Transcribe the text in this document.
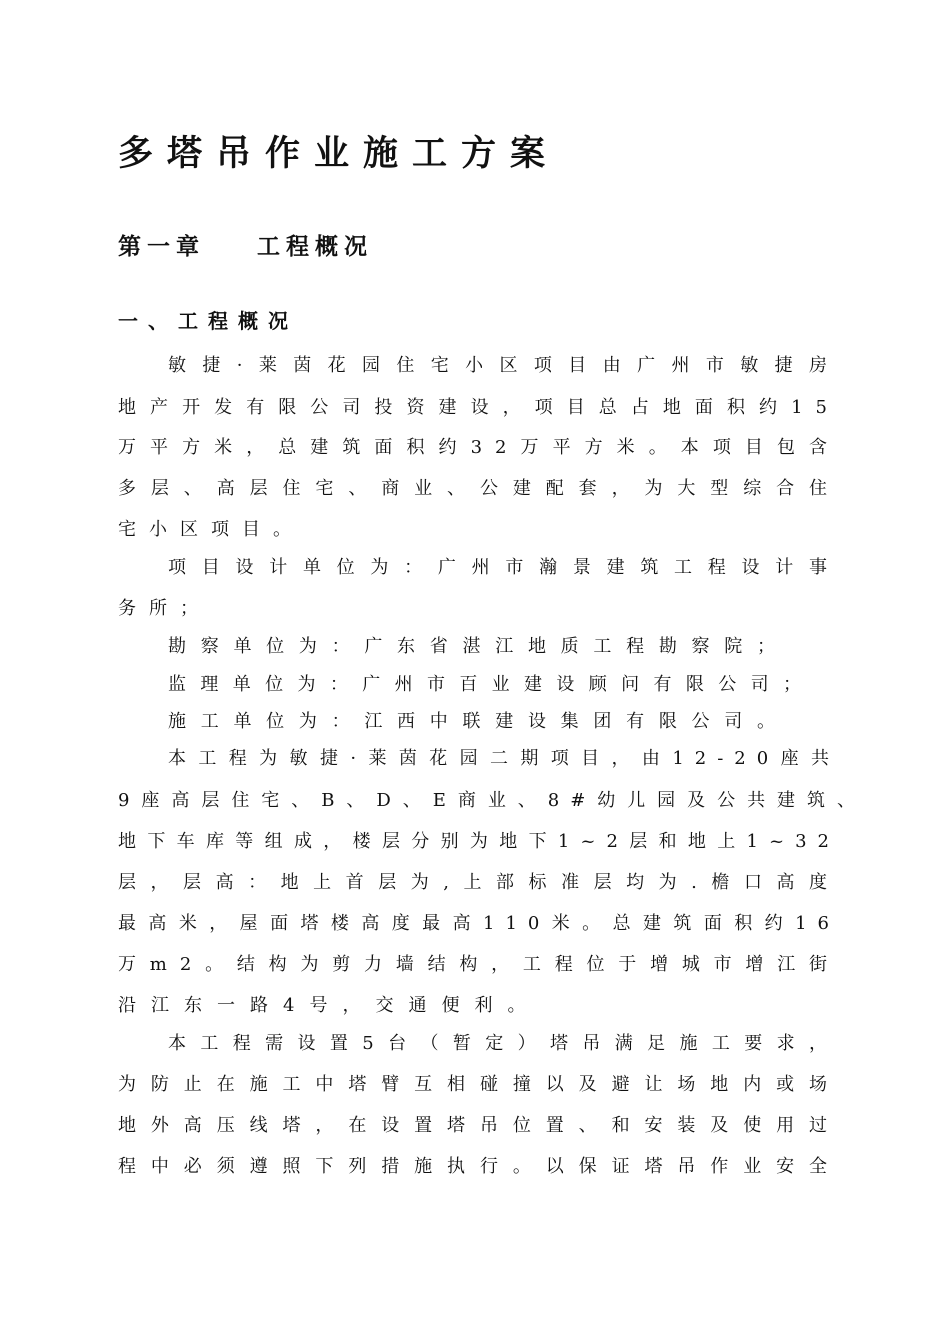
多塔吊作业施工方案
第一章 工程概况
一、工程概况

敏捷·莱茵花园住宅小区项目由广州市敏捷房

地产开发有限公司投资建设，项目总占地面积约15

万平方米，总建筑面积约32万平方米。本项目包含

多层、高层住宅、商业、公建配套，为大型综合住

宅小区项目。

项目设计单位为：广州市瀚景建筑工程设计事

务所；

勘察单位为：广东省湛江地质工程勘察院；

监理单位为：广州市百业建设顾问有限公司；

施工单位为：江西中联建设集团有限公司。

本工程为敏捷·莱茵花园二期项目，由12-20座共

9座高层住宅、B、D、E商业、8#幼儿园及公共建筑、

地下车库等组成，楼层分别为地下1~2层和地上1~32

层，层高：地上首层为,上部标准层均为.檐口高度

最高米，屋面塔楼高度最高110米。总建筑面积约16

万m2。结构为剪力墙结构，工程位于增城市增江街

沿江东一路4号，交通便利。

本工程需设置5台（暂定）塔吊满足施工要求，

为防止在施工中塔臂互相碰撞以及避让场地内或场

地外高压线塔，在设置塔吊位置、和安装及使用过

程中必须遵照下列措施执行。以保证塔吊作业安全
